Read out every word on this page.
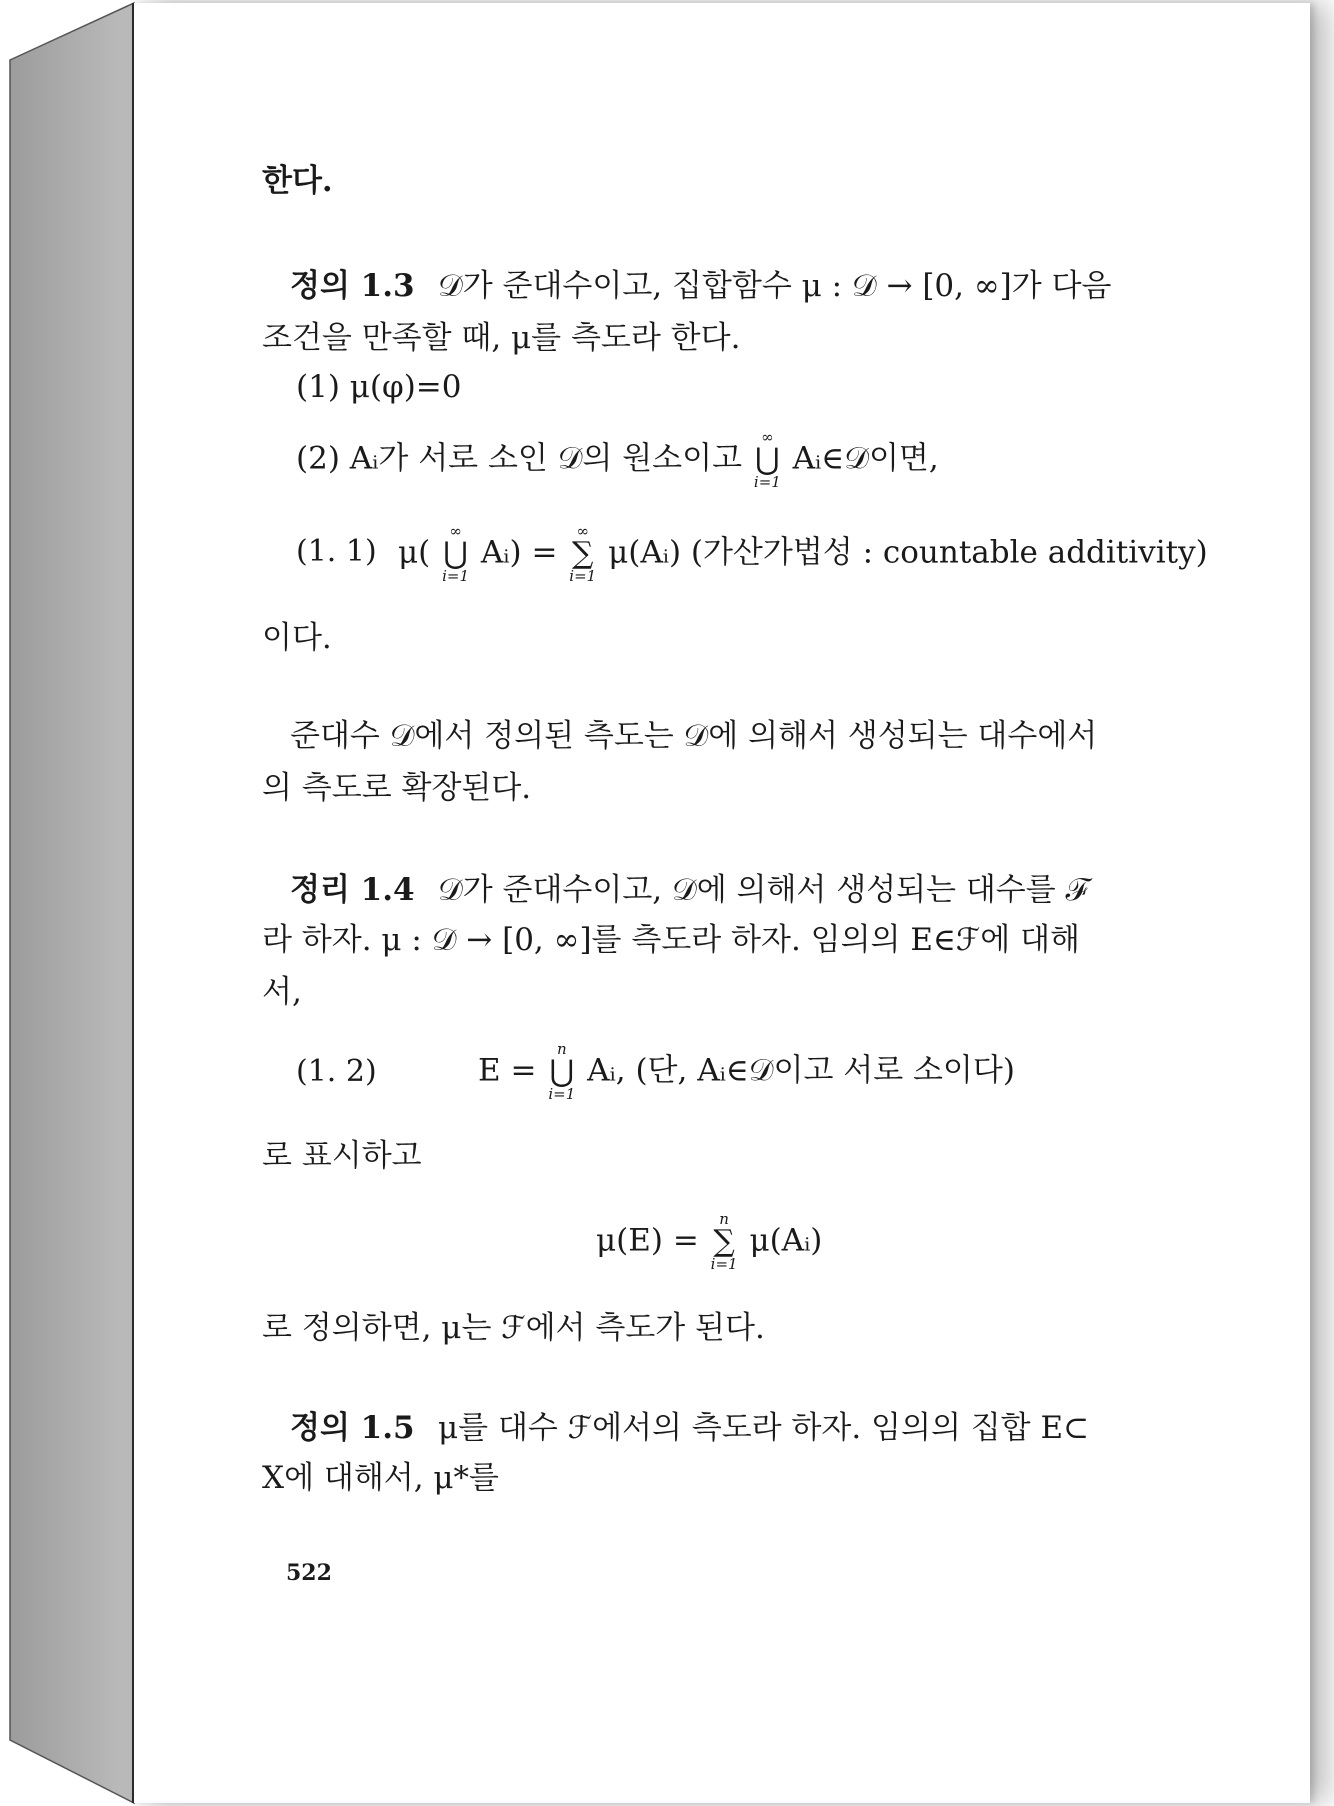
한다.
정의 1.3 𝒟가 준대수이고, 집합함수 μ : 𝒟 → [0, ∞]가 다음
조건을 만족할 때, μ를 측도라 한다.
(1) μ(φ)=0
(2) Aᵢ가 서로 소인 𝒟의 원소이고
∞
⋃
i=1
Aᵢ∈𝒟이면,
(1. 1) μ(
∞
⋃
i=1
Aᵢ) =
∞
∑
i=1
μ(Aᵢ) (가산가법성 : countable additivity)
이다.
준대수 𝒟에서 정의된 측도는 𝒟에 의해서 생성되는 대수에서
의 측도로 확장된다.
정리 1.4 𝒟가 준대수이고, 𝒟에 의해서 생성되는 대수를 ℱ
라 하자. μ : 𝒟 → [0, ∞]를 측도라 하자. 임의의 E∈ℱ에 대해
서,
(1. 2)	E =
n
⋃
i=1
Aᵢ, (단, Aᵢ∈𝒟이고 서로 소이다)
로 표시하고
μ(E) =
n
∑
i=1
μ(Aᵢ)
로 정의하면, μ는 ℱ에서 측도가 된다.
정의 1.5 μ를 대수 ℱ에서의 측도라 하자. 임의의 집합 E⊂
X에 대해서, μ*를
522
